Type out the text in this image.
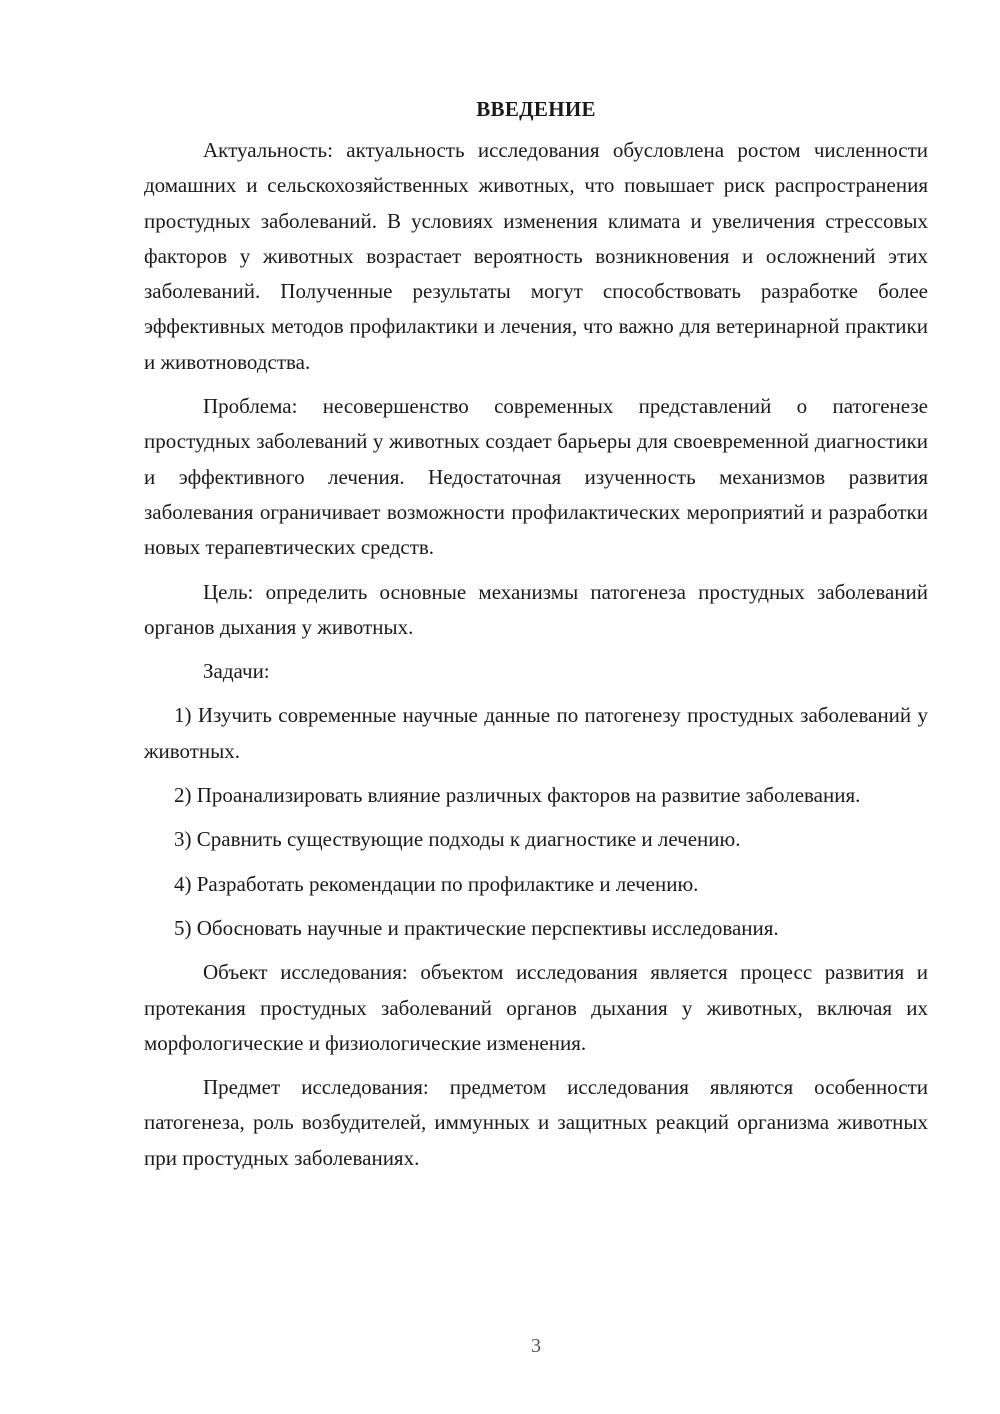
ВВЕДЕНИЕ

Актуальность: актуальность исследования обусловлена ростом численности домашних и сельскохозяйственных животных, что повышает риск распространения простудных заболеваний. В условиях изменения климата и увеличения стрессовых факторов у животных возрастает вероятность возникновения и осложнений этих заболеваний. Полученные результаты могут способствовать разработке более эффективных методов профилактики и лечения, что важно для ветеринарной практики и животноводства.

Проблема: несовершенство современных представлений о патогенезе простудных заболеваний у животных создает барьеры для своевременной диагностики и эффективного лечения. Недостаточная изученность механизмов развития заболевания ограничивает возможности профилактических мероприятий и разработки новых терапевтических средств.

Цель: определить основные механизмы патогенеза простудных заболеваний органов дыхания у животных.

Задачи:

1) Изучить современные научные данные по патогенезу простудных заболеваний у животных.

2) Проанализировать влияние различных факторов на развитие заболевания.

3) Сравнить существующие подходы к диагностике и лечению.

4) Разработать рекомендации по профилактике и лечению.

5) Обосновать научные и практические перспективы исследования.

Объект исследования: объектом исследования является процесс развития и протекания простудных заболеваний органов дыхания у животных, включая их морфологические и физиологические изменения.

Предмет исследования: предметом исследования являются особенности патогенеза, роль возбудителей, иммунных и защитных реакций организма животных при простудных заболеваниях.

3
